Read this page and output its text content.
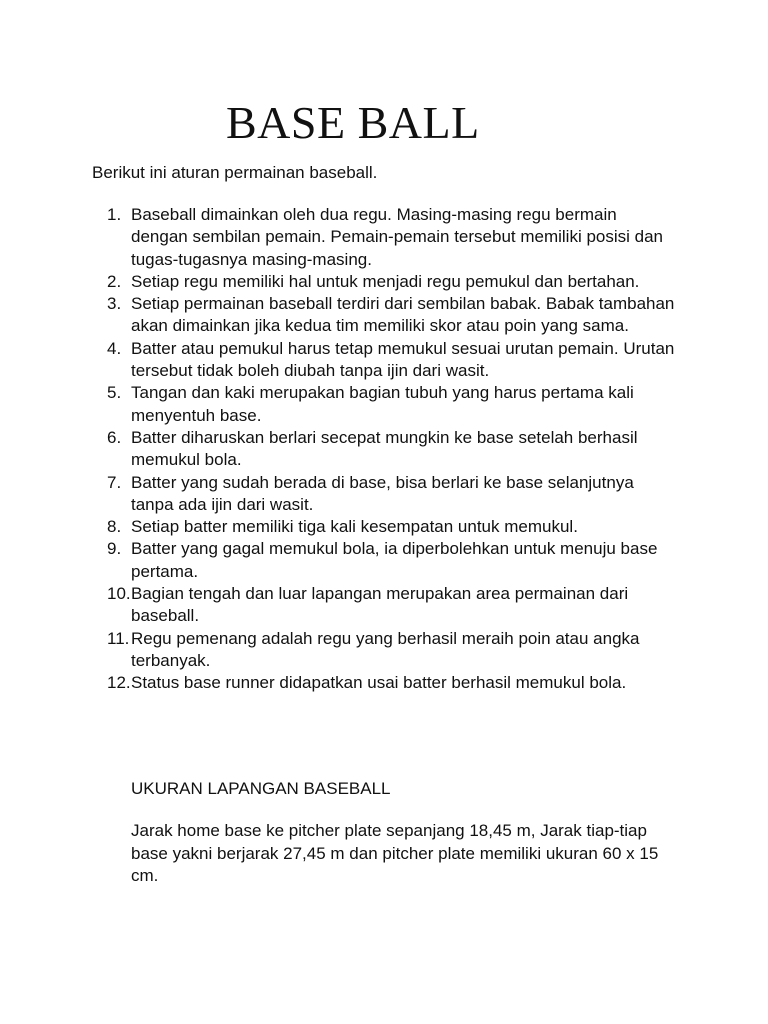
BASE BALL

Berikut ini aturan permainan baseball.

1. Baseball dimainkan oleh dua regu. Masing-masing regu bermain dengan sembilan pemain. Pemain-pemain tersebut memiliki posisi dan tugas-tugasnya masing-masing.
2. Setiap regu memiliki hal untuk menjadi regu pemukul dan bertahan.
3. Setiap permainan baseball terdiri dari sembilan babak. Babak tambahan akan dimainkan jika kedua tim memiliki skor atau poin yang sama.
4. Batter atau pemukul harus tetap memukul sesuai urutan pemain. Urutan tersebut tidak boleh diubah tanpa ijin dari wasit.
5. Tangan dan kaki merupakan bagian tubuh yang harus pertama kali menyentuh base.
6. Batter diharuskan berlari secepat mungkin ke base setelah berhasil memukul bola.
7. Batter yang sudah berada di base, bisa berlari ke base selanjutnya tanpa ada ijin dari wasit.
8. Setiap batter memiliki tiga kali kesempatan untuk memukul.
9. Batter yang gagal memukul bola, ia diperbolehkan untuk menuju base pertama.
10. Bagian tengah dan luar lapangan merupakan area permainan dari baseball.
11. Regu pemenang adalah regu yang berhasil meraih poin atau angka terbanyak.
12. Status base runner didapatkan usai batter berhasil memukul bola.
UKURAN LAPANGAN BASEBALL

Jarak home base ke pitcher plate sepanjang 18,45 m, Jarak tiap-tiap base yakni berjarak 27,45 m dan pitcher plate memiliki ukuran 60 x 15 cm.
